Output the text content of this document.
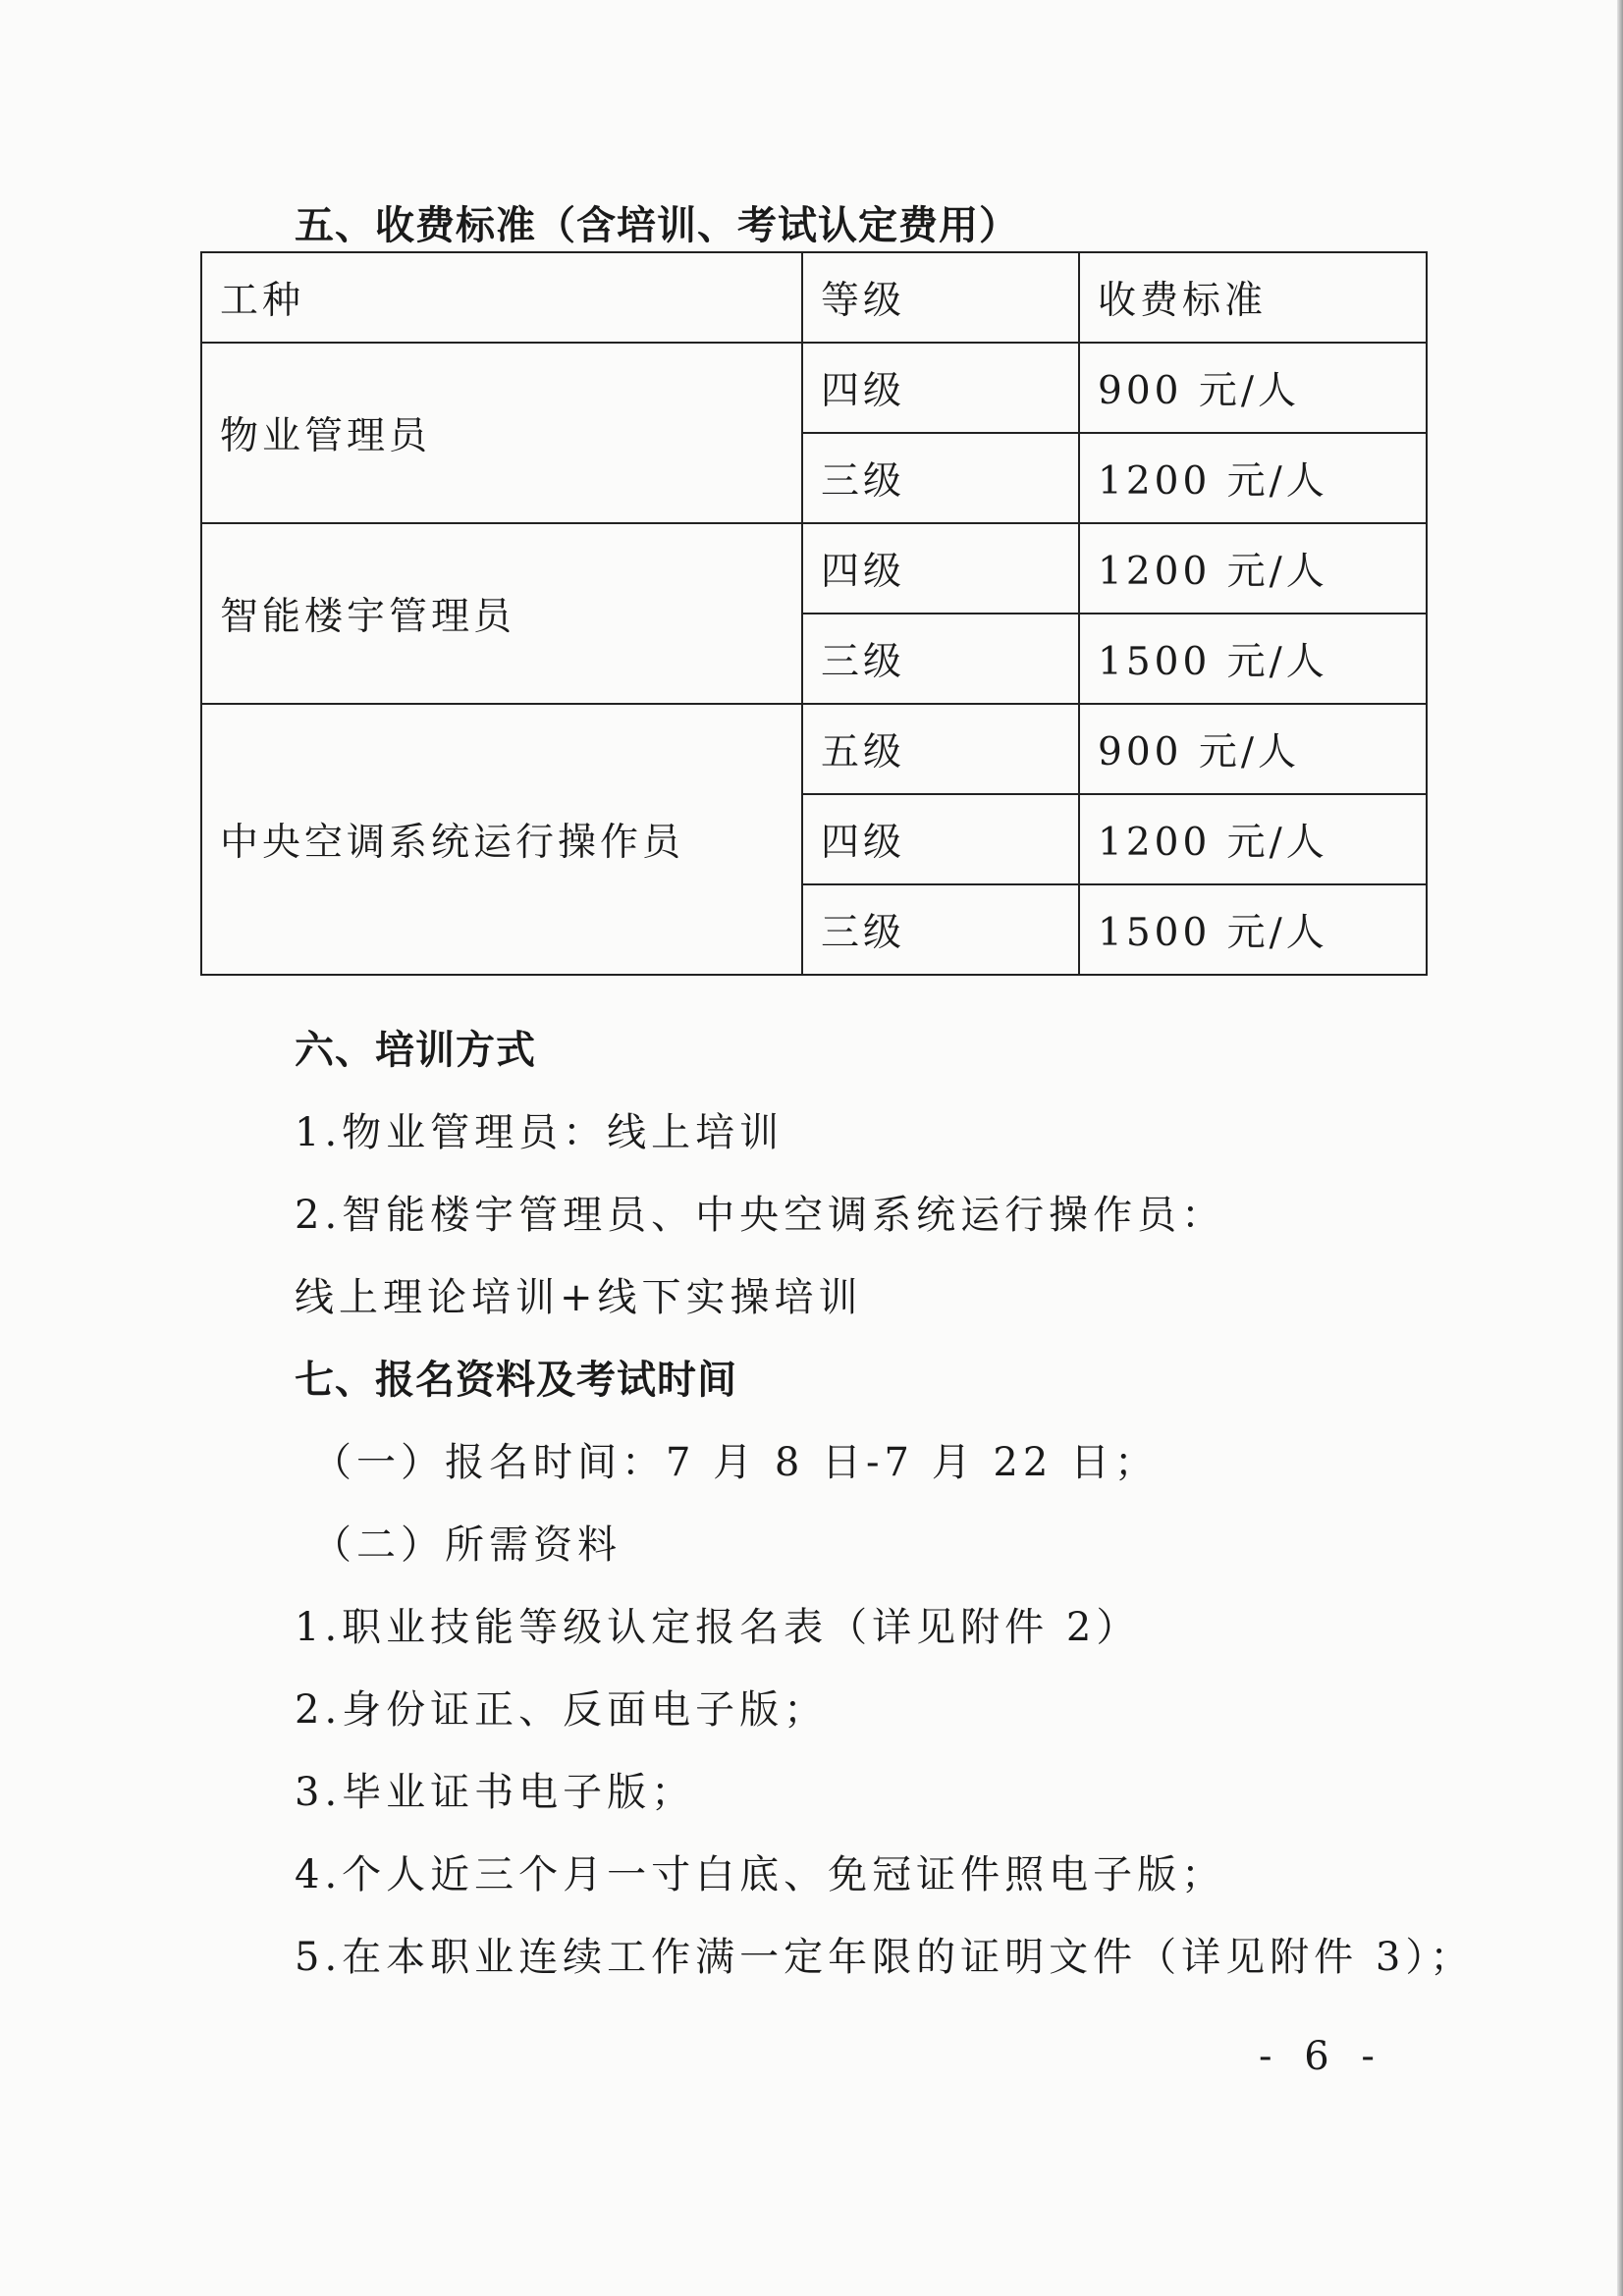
五、收费标准（含培训、考试认定费用）
工种	等级	收费标准
物业管理员	四级	900 元/人
	三级	1200 元/人
智能楼宇管理员	四级	1200 元/人
	三级	1500 元/人
中央空调系统运行操作员	五级	900 元/人
	四级	1200 元/人
	三级	1500 元/人
六、培训方式
1.物业管理员：线上培训
2.智能楼宇管理员、中央空调系统运行操作员：
线上理论培训+线下实操培训
七、报名资料及考试时间
（一）报名时间：7 月 8 日-7 月 22 日；
（二）所需资料
1.职业技能等级认定报名表（详见附件 2）
2.身份证正、反面电子版；
3.毕业证书电子版；
4.个人近三个月一寸白底、免冠证件照电子版；
5.在本职业连续工作满一定年限的证明文件（详见附件 3）；
- 6 -
